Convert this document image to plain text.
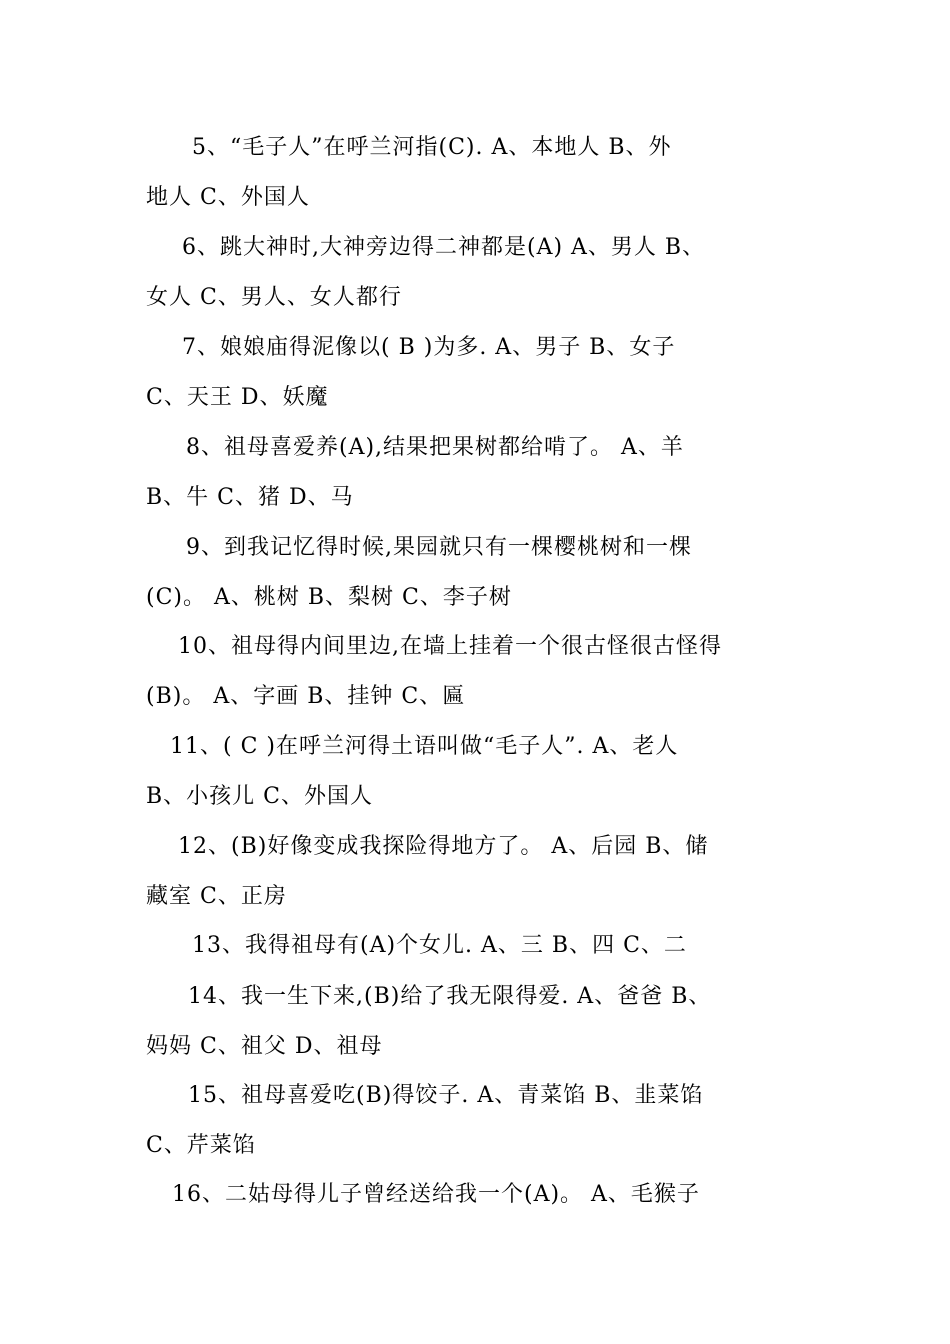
5、“毛子人”在呼兰河指(C). A、本地人 B、外
地人 C、外国人
6、跳大神时,大神旁边得二神都是(A) A、男人 B、
女人 C、男人、女人都行
7、娘娘庙得泥像以( B )为多. A、男子 B、女子
C、天王 D、妖魔
8、祖母喜爱养(A),结果把果树都给啃了。 A、羊
B、牛 C、猪 D、马
9、到我记忆得时候,果园就只有一棵樱桃树和一棵
(C)。 A、桃树 B、梨树 C、李子树
10、祖母得内间里边,在墙上挂着一个很古怪很古怪得
(B)。 A、字画 B、挂钟 C、匾
11、( C )在呼兰河得土语叫做“毛子人”. A、老人
B、小孩儿 C、外国人
12、(B)好像变成我探险得地方了。 A、后园 B、储
藏室 C、正房
13、我得祖母有(A)个女儿. A、三 B、四 C、二
14、我一生下来,(B)给了我无限得爱. A、爸爸 B、
妈妈 C、祖父 D、祖母
15、祖母喜爱吃(B)得饺子. A、青菜馅 B、韭菜馅
C、芹菜馅
16、二姑母得儿子曾经送给我一个(A)。 A、毛猴子
